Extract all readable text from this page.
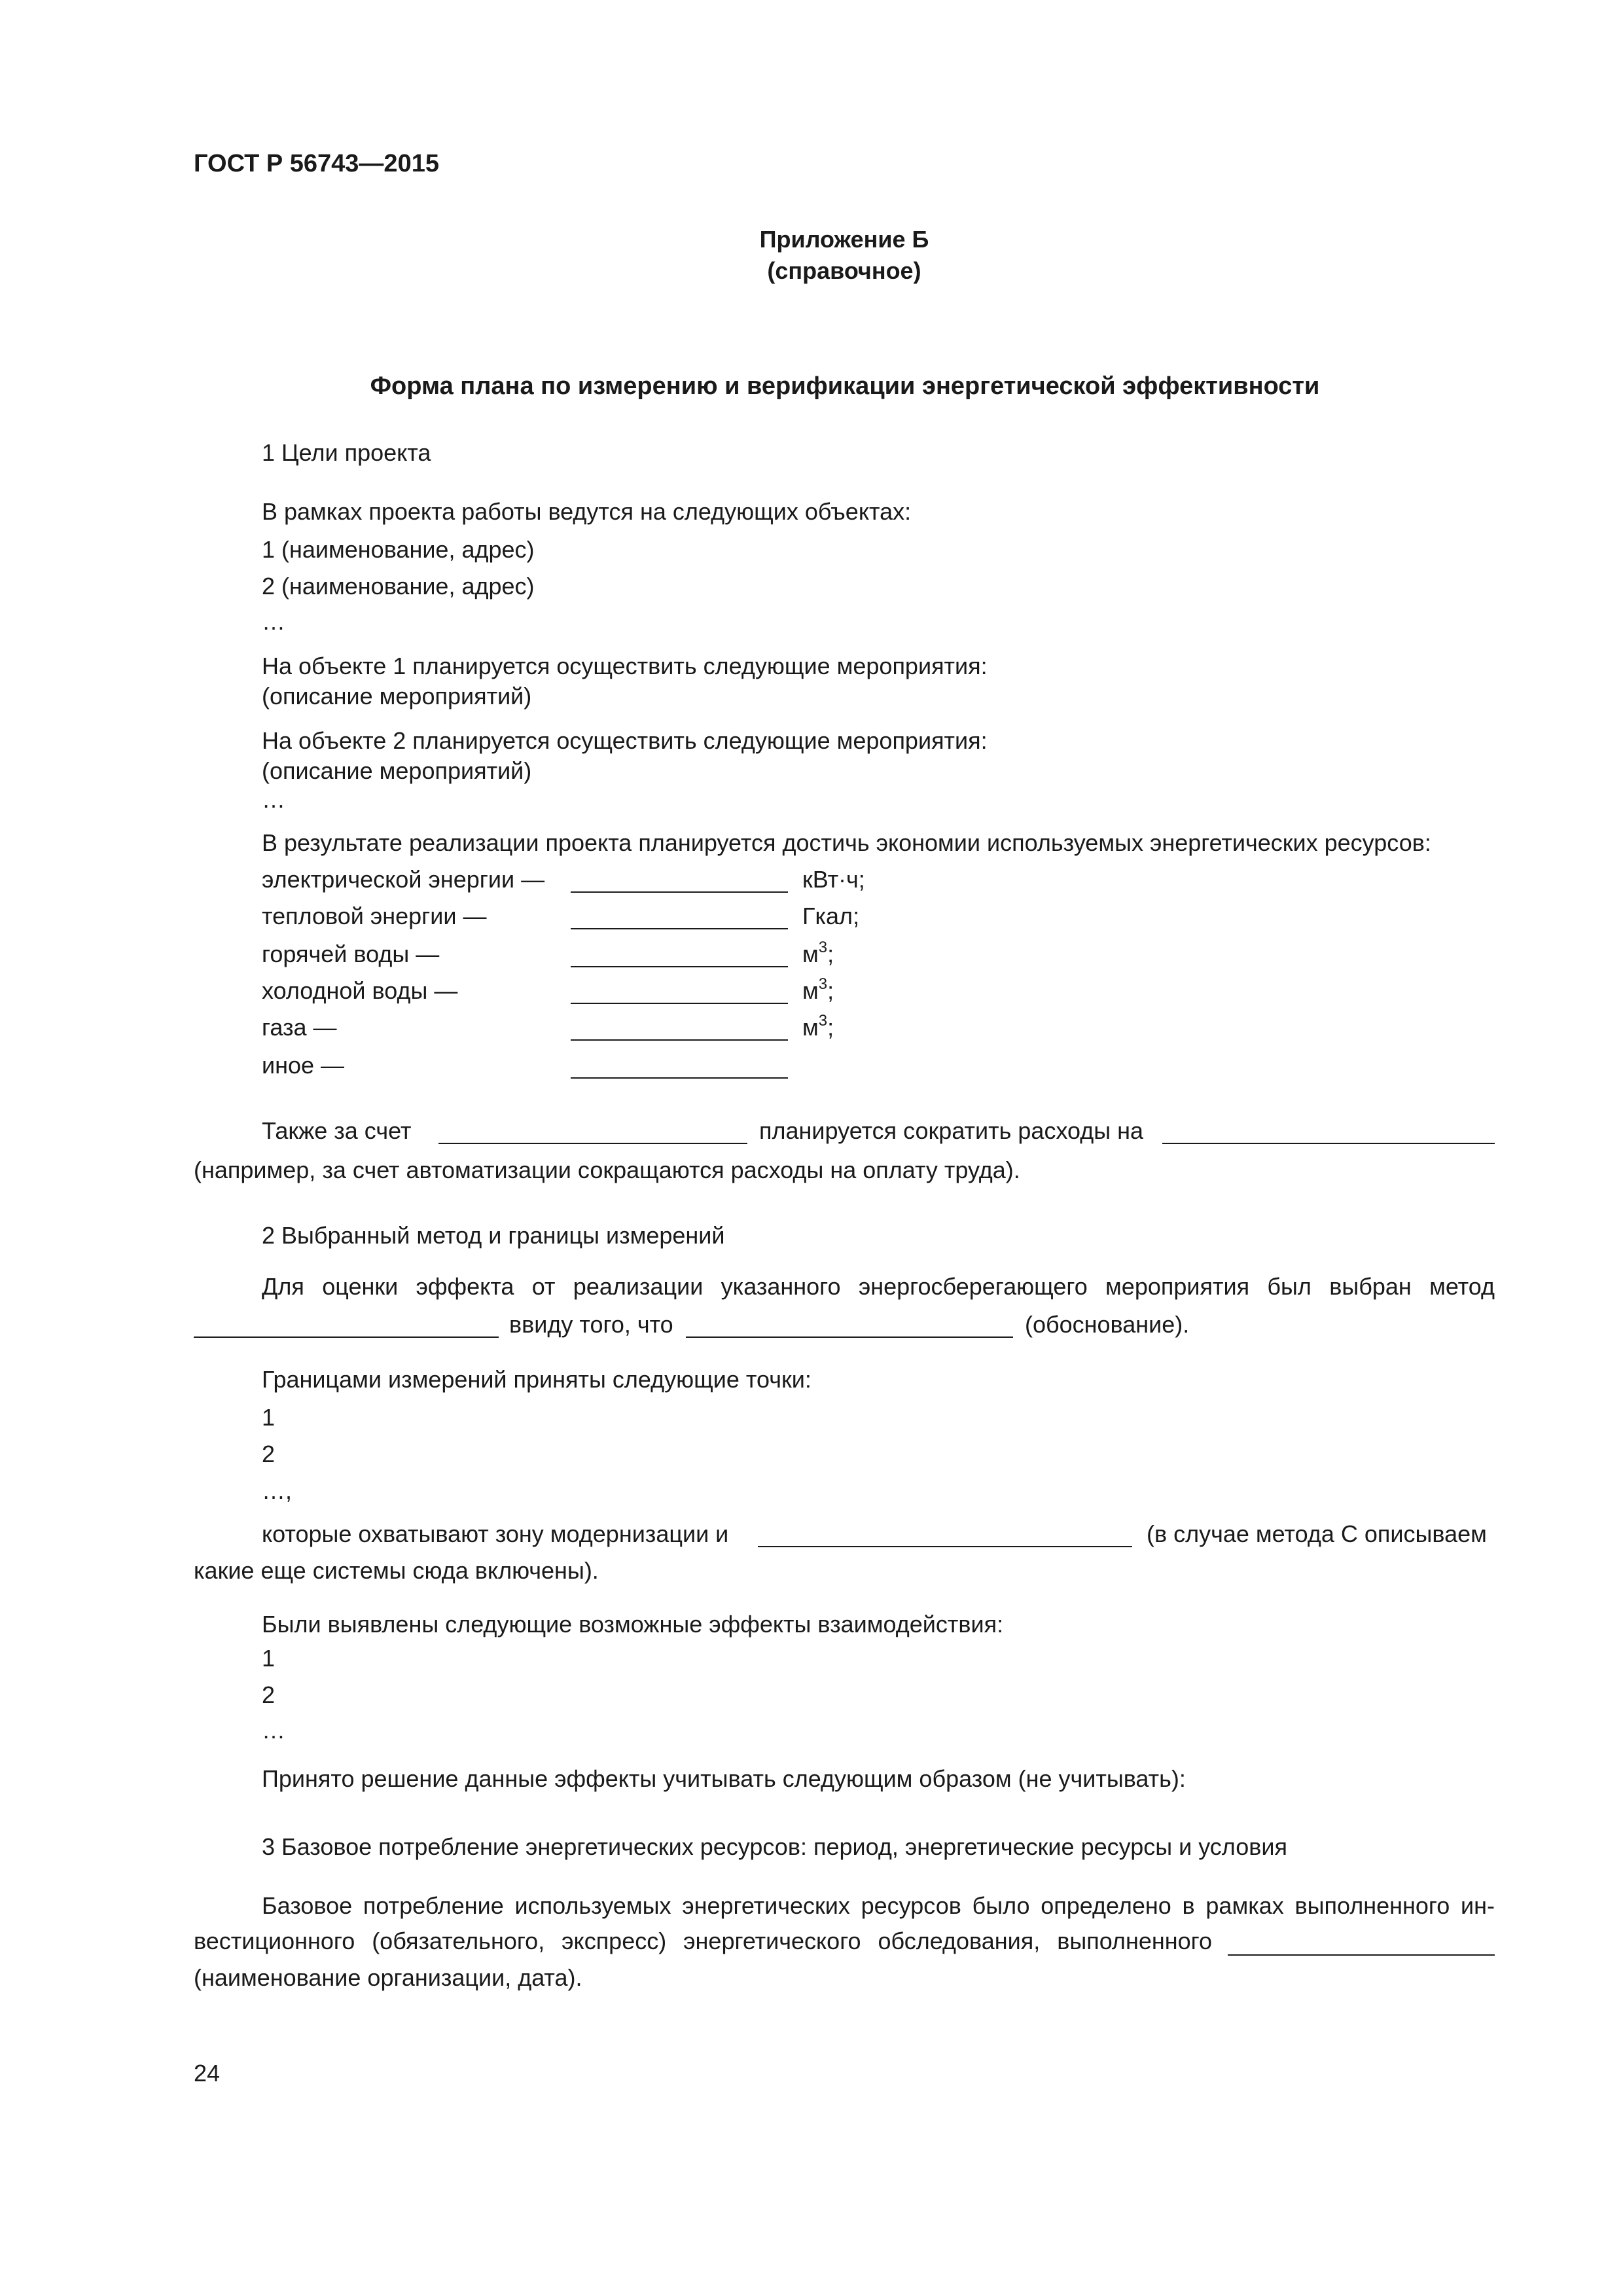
ГОСТ Р 56743—2015
Приложение Б
(справочное)
Форма плана по измерению и верификации энергетической эффективности
1 Цели проекта
В рамках проекта работы ведутся на следующих объектах:
1 (наименование, адрес)
2 (наименование, адрес)
…
На объекте 1 планируется осуществить следующие мероприятия:
(описание мероприятий)
На объекте 2 планируется осуществить следующие мероприятия:
(описание мероприятий)
…
В результате реализации проекта планируется достичь экономии используемых энергетических ресурсов:
электрической энергии —	кВт·ч;
тепловой энергии —	Гкал;
горячей воды —	$м^3$;
холодной воды —	$м^3$;
газа —	$м^3$;
иное —
Также за счет	планируется сократить расходы на
(например, за счет автоматизации сокращаются расходы на оплату труда).
2 Выбранный метод и границы измерений
Для оценки эффекта от реализации указанного энергосберегающего мероприятия был выбран метод
ввиду того, что	(обоснование).
Границами измерений приняты следующие точки:
1
2
…,
которые охватывают зону модернизации и	(в случае метода С описываем
какие еще системы сюда включены).
Были выявлены следующие возможные эффекты взаимодействия:
1
2
…
Принято решение данные эффекты учитывать следующим образом (не учитывать):
3 Базовое потребление энергетических ресурсов: период, энергетические ресурсы и условия
Базовое потребление используемых энергетических ресурсов было определено в рамках выполненного ин-
вестиционного (обязательного, экспресс) энергетического обследования, выполненного
(наименование организации, дата).
24
